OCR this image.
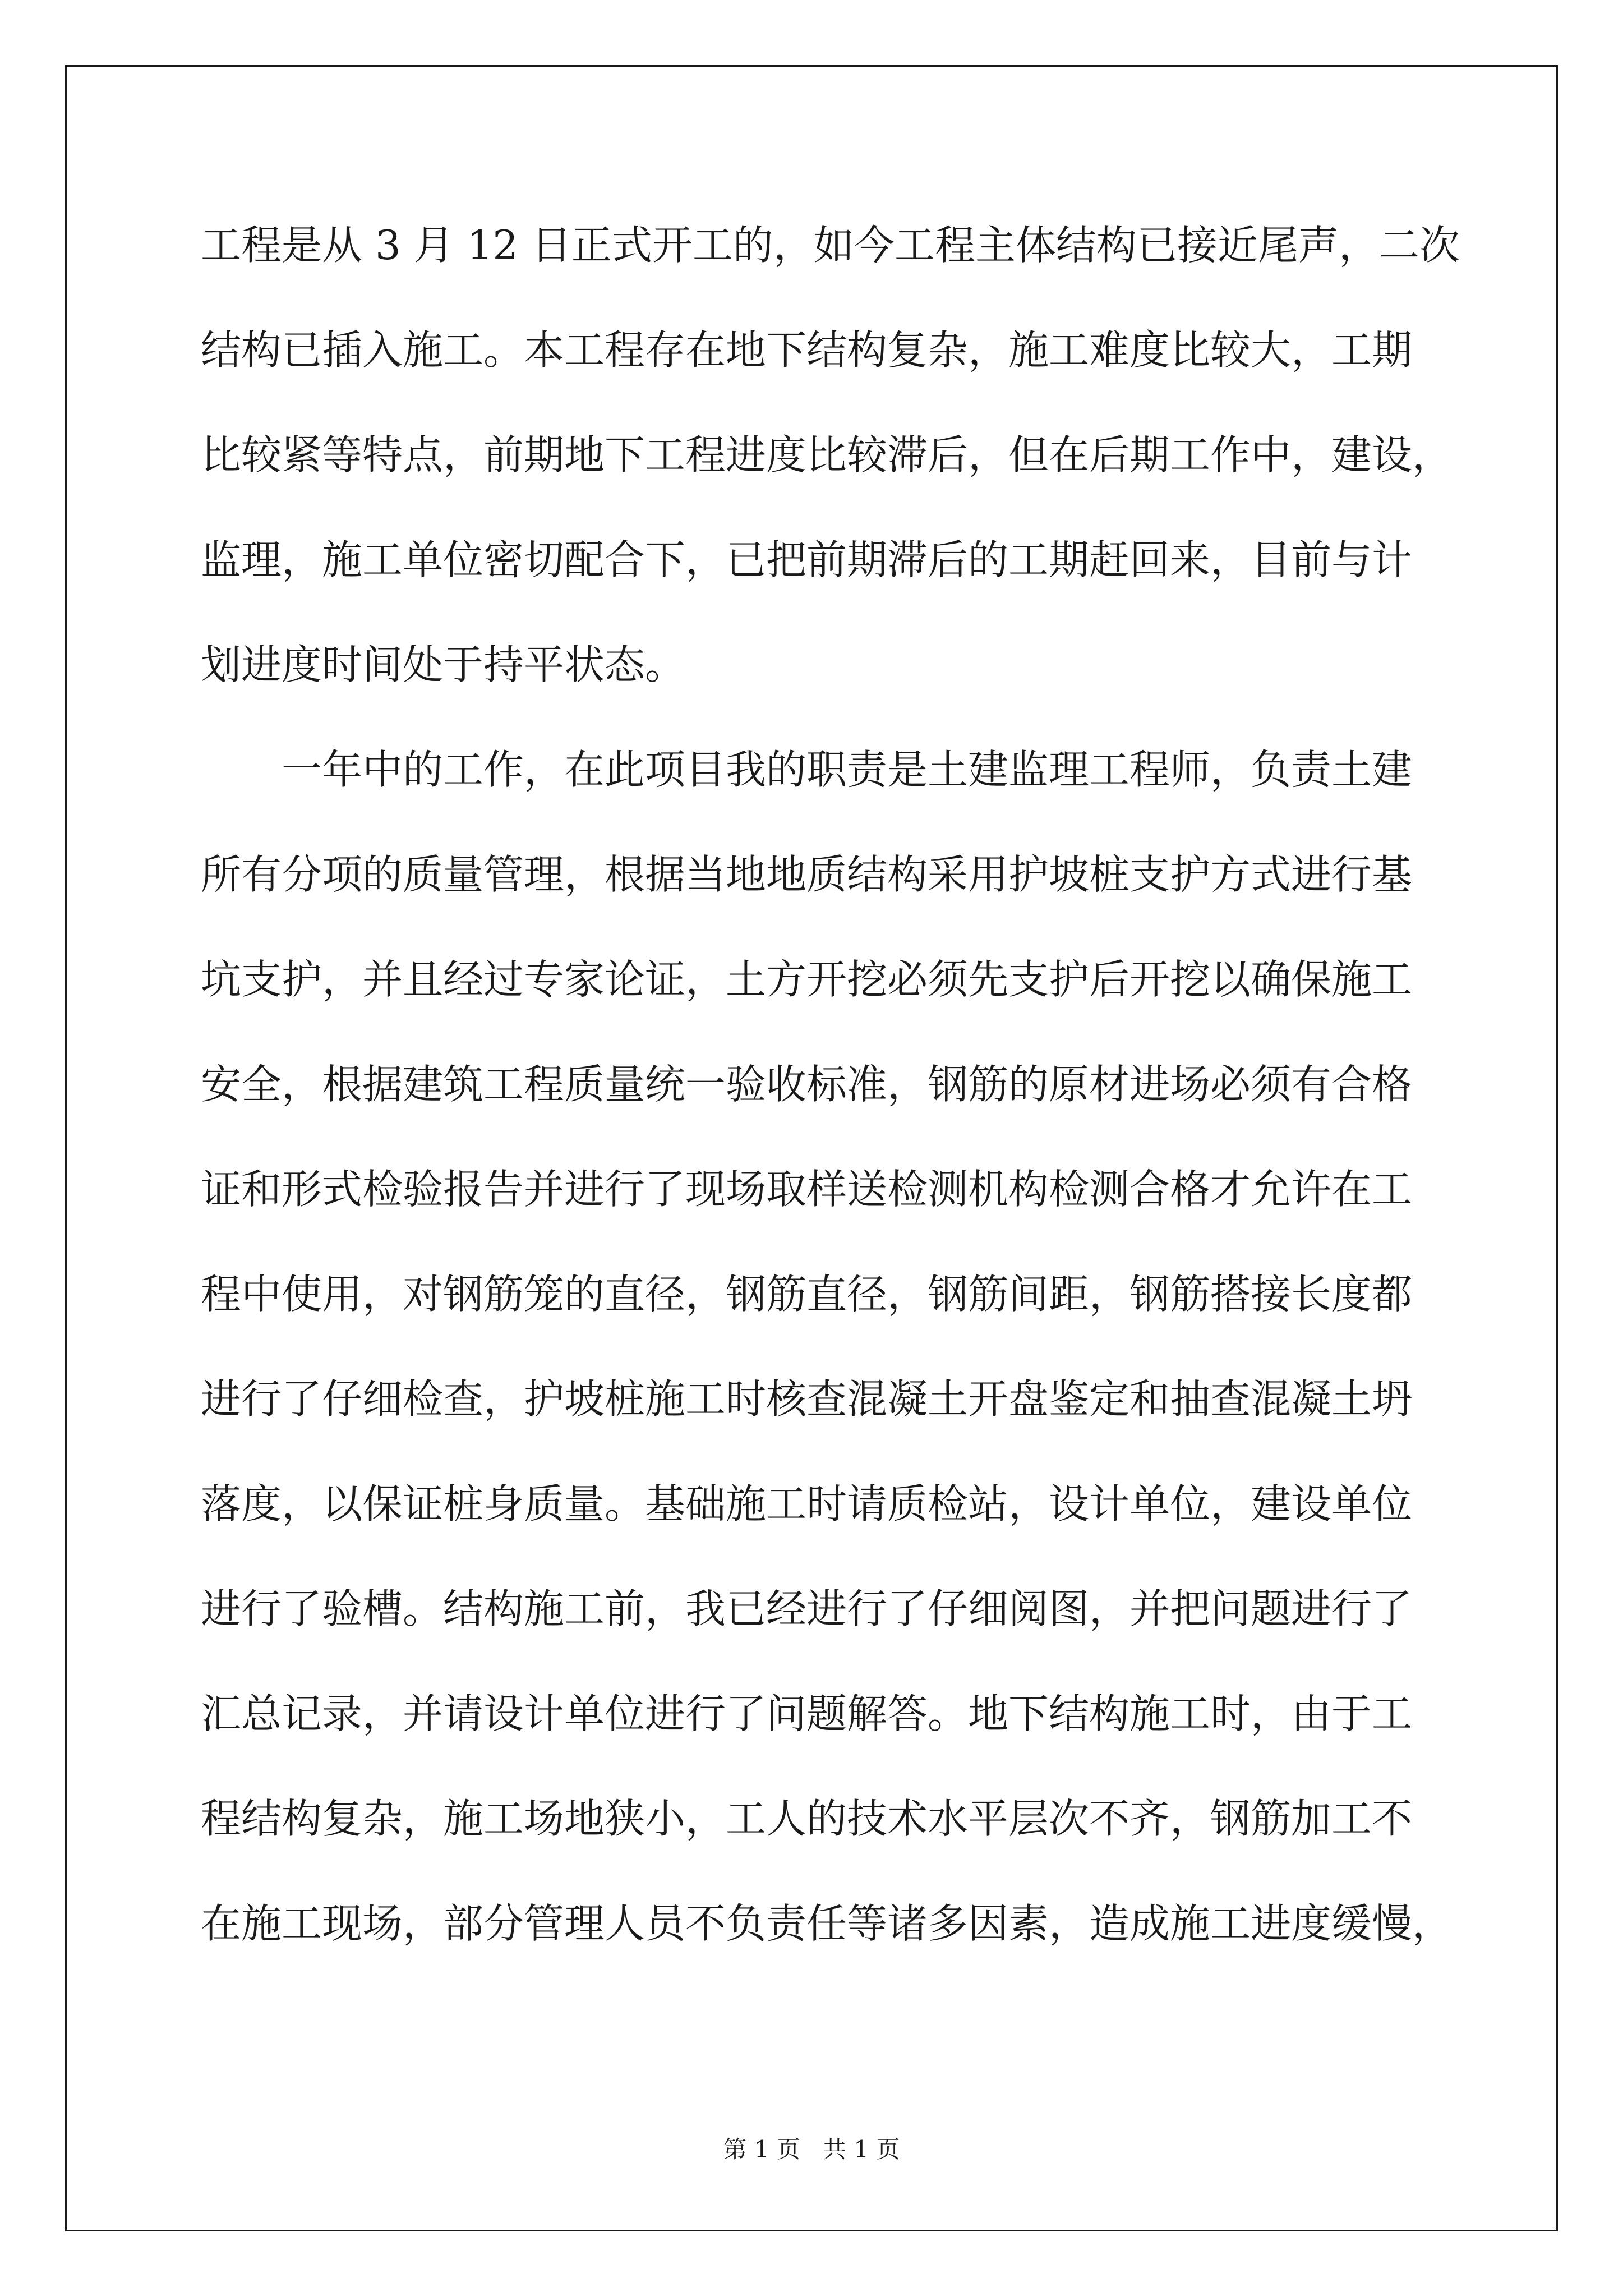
工程是从 3 月 12 日正式开工的，如今工程主体结构已接近尾声，二次
结构已插入施工。本工程存在地下结构复杂，施工难度比较大，工期
比较紧等特点，前期地下工程进度比较滞后，但在后期工作中，建设，
监理，施工单位密切配合下，已把前期滞后的工期赶回来，目前与计
划进度时间处于持平状态。
一年中的工作，在此项目我的职责是土建监理工程师，负责土建
所有分项的质量管理，根据当地地质结构采用护坡桩支护方式进行基
坑支护，并且经过专家论证，土方开挖必须先支护后开挖以确保施工
安全，根据建筑工程质量统一验收标准，钢筋的原材进场必须有合格
证和形式检验报告并进行了现场取样送检测机构检测合格才允许在工
程中使用，对钢筋笼的直径，钢筋直径，钢筋间距，钢筋搭接长度都
进行了仔细检查，护坡桩施工时核查混凝土开盘鉴定和抽查混凝土坍
落度，以保证桩身质量。基础施工时请质检站，设计单位，建设单位
进行了验槽。结构施工前，我已经进行了仔细阅图，并把问题进行了
汇总记录，并请设计单位进行了问题解答。地下结构施工时，由于工
程结构复杂，施工场地狭小，工人的技术水平层次不齐，钢筋加工不
在施工现场，部分管理人员不负责任等诸多因素，造成施工进度缓慢，
第 1 页   共 1 页
